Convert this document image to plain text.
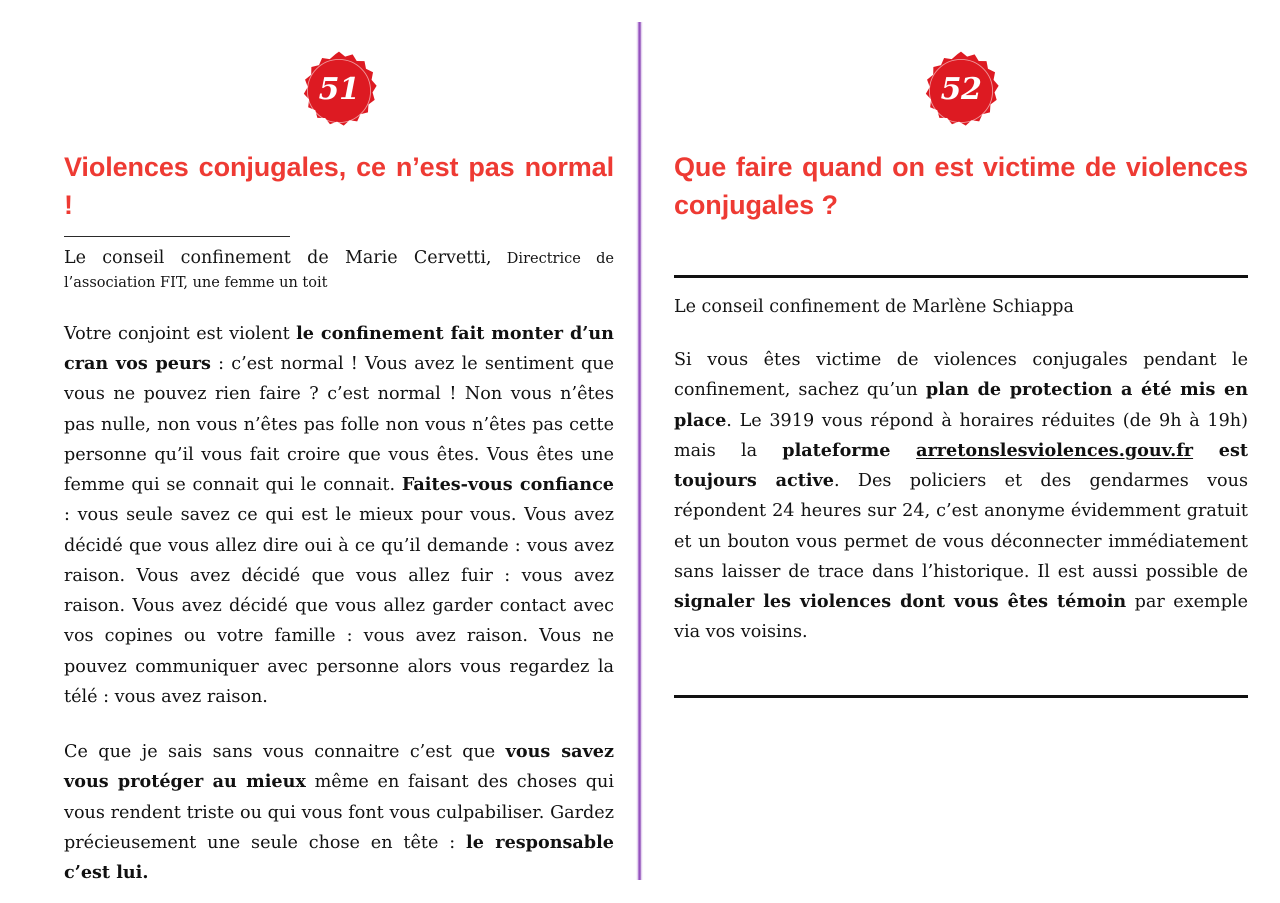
51
Violences conjugales, ce n’est pas normal !

Le conseil confinement de Marie Cervetti, Directrice de l’association FIT, une femme un toit

Votre conjoint est violent le confinement fait monter d’un cran vos peurs : c’est normal ! Vous avez le sentiment que vous ne pouvez rien faire ? c’est normal ! Non vous n’êtes pas nulle, non vous n’êtes pas folle non vous n’êtes pas cette personne qu’il vous fait croire que vous êtes. Vous êtes une femme qui se connait qui le connait. Faites-vous confiance : vous seule savez ce qui est le mieux pour vous. Vous avez décidé que vous allez dire oui à ce qu’il demande : vous avez raison. Vous avez décidé que vous allez fuir : vous avez raison. Vous avez décidé que vous allez garder contact avec vos copines ou votre famille : vous avez raison. Vous ne pouvez communiquer avec personne alors vous regardez la télé : vous avez raison.

Ce que je sais sans vous connaitre c’est que vous savez vous protéger au mieux même en faisant des choses qui vous rendent triste ou qui vous font vous culpabiliser. Gardez précieusement une seule chose en tête : le responsable c’est lui.

52
Que faire quand on est victime de violences conjugales ?

Le conseil confinement de Marlène Schiappa

Si vous êtes victime de violences conjugales pendant le confinement, sachez qu’un plan de protection a été mis en place. Le 3919 vous répond à horaires réduites (de 9h à 19h) mais la plateforme arretonslesviolences.gouv.fr est toujours active. Des policiers et des gendarmes vous répondent 24 heures sur 24, c’est anonyme évidemment gratuit et un bouton vous permet de vous déconnecter immédiatement sans laisser de trace dans l’historique. Il est aussi possible de signaler les violences dont vous êtes témoin par exemple via vos voisins.
